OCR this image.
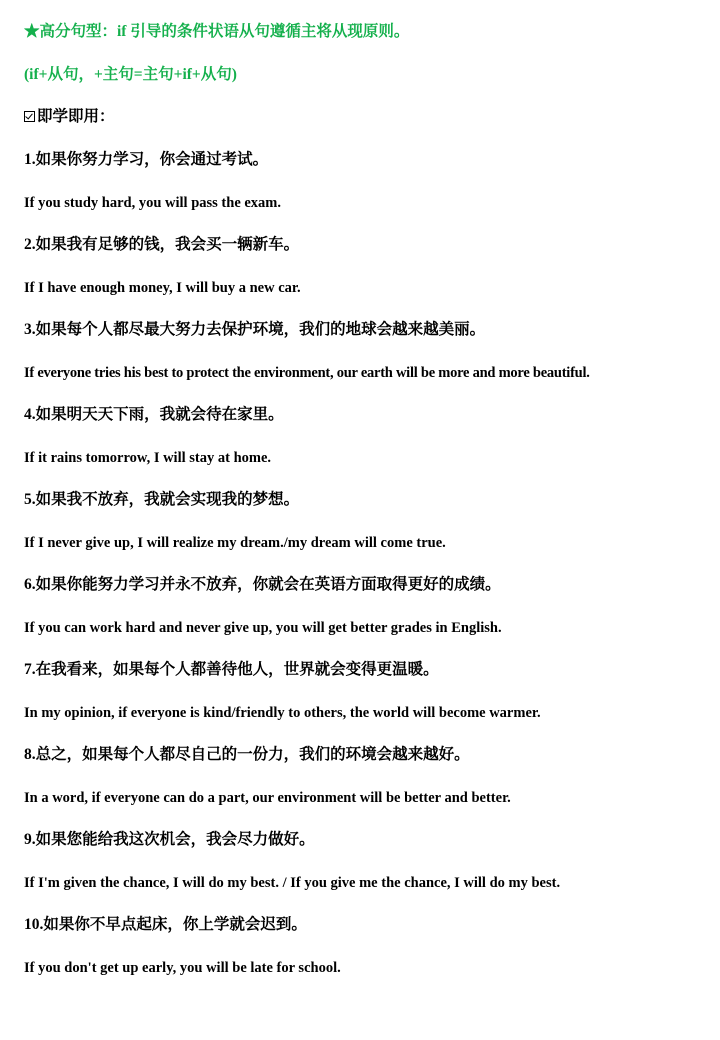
★高分句型：if 引导的条件状语从句遵循主将从现原则。
(if+从句，+主句=主句+if+从句)
即学即用：
1.如果你努力学习，你会通过考试。
If you study hard, you will pass the exam.
2.如果我有足够的钱，我会买一辆新车。
If I have enough money, I will buy a new car.
3.如果每个人都尽最大努力去保护环境，我们的地球会越来越美丽。
If everyone tries his best to protect the environment, our earth will be more and more beautiful.
4.如果明天天下雨，我就会待在家里。
If it rains tomorrow, I will stay at home.
5.如果我不放弃，我就会实现我的梦想。
If I never give up, I will realize my dream./my dream will come true.
6.如果你能努力学习并永不放弃，你就会在英语方面取得更好的成绩。
If you can work hard and never give up, you will get better grades in English.
7.在我看来，如果每个人都善待他人，世界就会变得更温暖。
In my opinion, if everyone is kind/friendly to others, the world will become warmer.
8.总之，如果每个人都尽自己的一份力，我们的环境会越来越好。
In a word, if everyone can do a part, our environment will be better and better.
9.如果您能给我这次机会，我会尽力做好。
If I'm given the chance, I will do my best. / If you give me the chance, I will do my best.
10.如果你不早点起床，你上学就会迟到。
If you don't get up early, you will be late for school.
